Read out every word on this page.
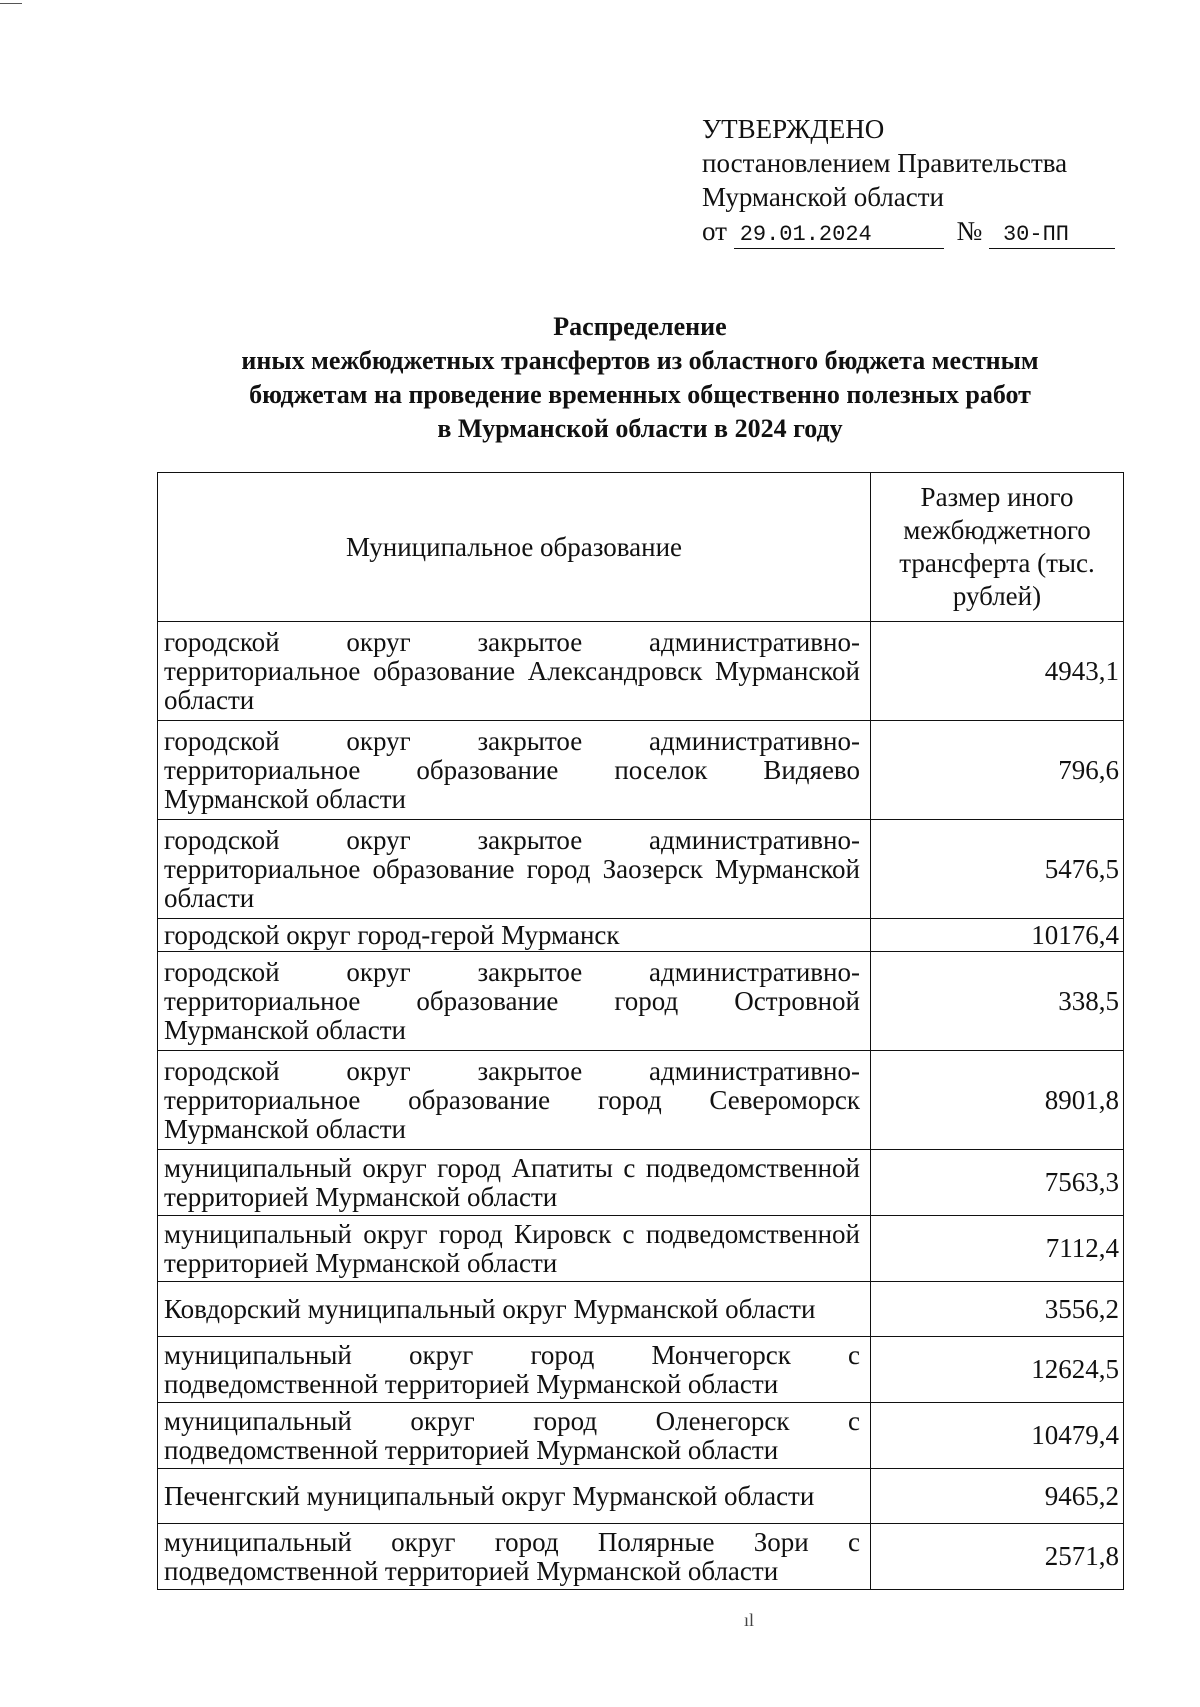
УТВЕРЖДЕНО
постановлением Правительства
Мурманской области
от 29.01.2024	№ 30-ПП
Распределение
иных межбюджетных трансфертов из областного бюджета местным
бюджетам на проведение временных общественно полезных работ
в Мурманской области в 2024 году
Муниципальное образование	Размер иного межбюджетного трансферта (тыс. рублей)
городской округ закрытое административно-территориальное образование Александровск Мурманской области	4943,1
городской округ закрытое административно-территориальное образование поселок Видяево Мурманской области	796,6
городской округ закрытое административно-территориальное образование город Заозерск Мурманской области	5476,5
городской округ город-герой Мурманск	10176,4
городской округ закрытое административно-территориальное образование город Островной Мурманской области	338,5
городской округ закрытое административно-территориальное образование город Североморск Мурманской области	8901,8
муниципальный округ город Апатиты с подведомственной территорией Мурманской области	7563,3
муниципальный округ город Кировск с подведомственной территорией Мурманской области	7112,4
Ковдорский муниципальный округ Мурманской области	3556,2
муниципальный округ город Мончегорск с подведомственной территорией Мурманской области	12624,5
муниципальный округ город Оленегорск с подведомственной территорией Мурманской области	10479,4
Печенгский муниципальный округ Мурманской области	9465,2
муниципальный округ город Полярные Зори с подведомственной территорией Мурманской области	2571,8
ıl
